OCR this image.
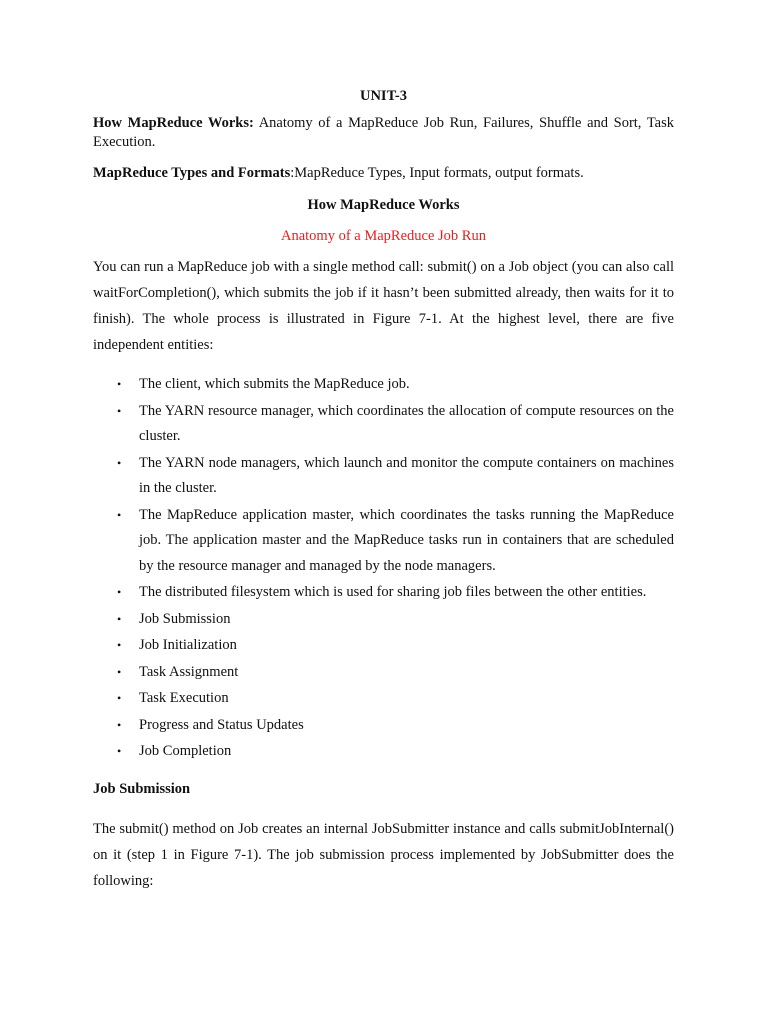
UNIT-3
How MapReduce Works: Anatomy of a MapReduce Job Run, Failures, Shuffle and Sort, Task Execution.
MapReduce Types and Formats:MapReduce Types, Input formats, output formats.
How MapReduce Works
Anatomy of a MapReduce Job Run
You can run a MapReduce job with a single method call: submit() on a Job object (you can also call waitForCompletion(), which submits the job if it hasn’t been submitted already, then waits for it to finish). The whole process is illustrated in Figure 7-1. At the highest level, there are five independent entities:
• The client, which submits the MapReduce job.
• The YARN resource manager, which coordinates the allocation of compute resources on the cluster.
• The YARN node managers, which launch and monitor the compute containers on machines in the cluster.
• The MapReduce application master, which coordinates the tasks running the MapReduce job. The application master and the MapReduce tasks run in containers that are scheduled by the resource manager and managed by the node managers.
• The distributed filesystem which is used for sharing job files between the other entities.
• Job Submission
• Job Initialization
• Task Assignment
• Task Execution
• Progress and Status Updates
• Job Completion
Job Submission
The submit() method on Job creates an internal JobSubmitter instance and calls submitJobInternal() on it (step 1 in Figure 7-1). The job submission process implemented by JobSubmitter does the following:
